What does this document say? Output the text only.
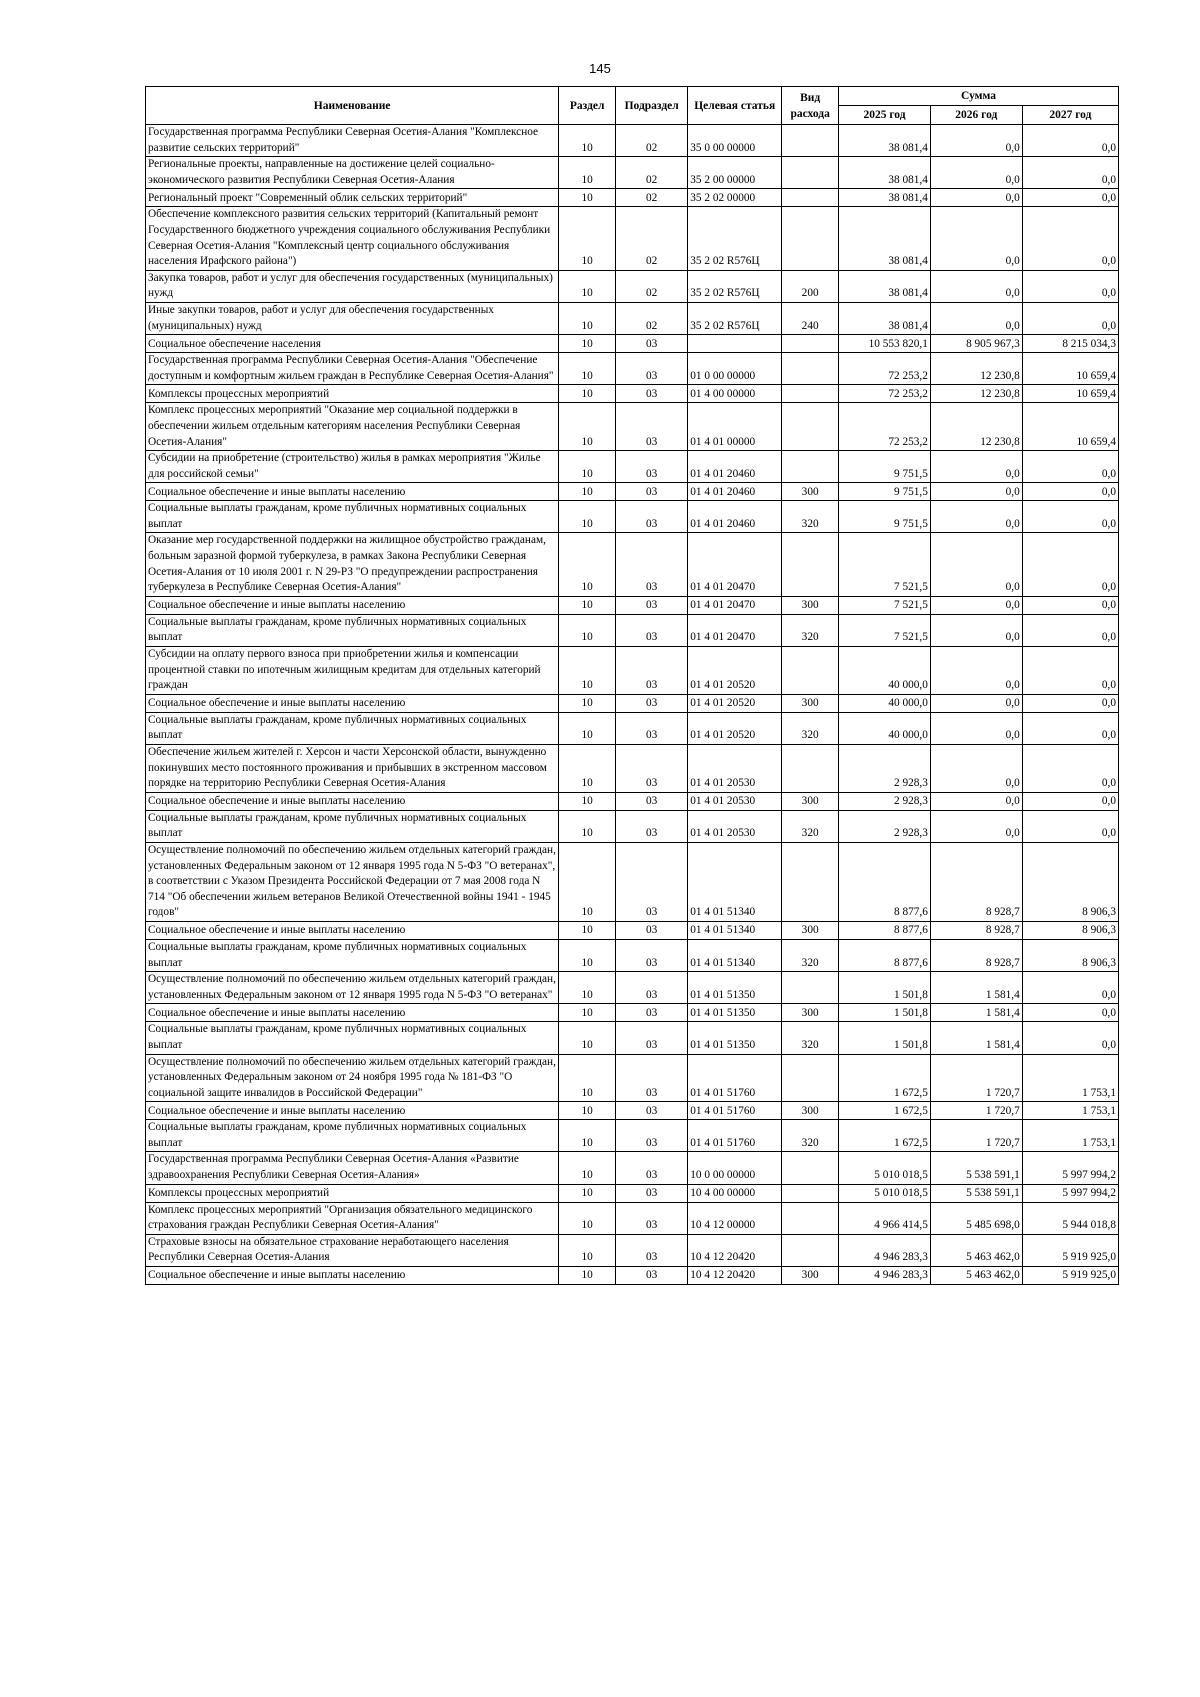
145
Наименование	Раздел	Подраздел	Целевая статья	Вид расхода	Сумма		
					2025 год	2026 год	2027 год
Государственная программа Республики Северная Осетия-Алания "Комплексное развитие сельских территорий"	10	02	35 0 00 00000		38 081,4	0,0	0,0
Региональные проекты, направленные на достижение целей социально-экономического развития Республики Северная Осетия-Алания	10	02	35 2 00 00000		38 081,4	0,0	0,0
Региональный проект "Современный облик сельских территорий"	10	02	35 2 02 00000		38 081,4	0,0	0,0
Обеспечение комплексного развития сельских территорий (Капитальный ремонт Государственного бюджетного учреждения социального обслуживания Республики Северная Осетия-Алания "Комплексный центр социального обслуживания населения Ирафского района")	10	02	35 2 02 R576Ц		38 081,4	0,0	0,0
Закупка товаров, работ и услуг для обеспечения государственных (муниципальных) нужд	10	02	35 2 02 R576Ц	200	38 081,4	0,0	0,0
Иные закупки товаров, работ и услуг для обеспечения государственных (муниципальных) нужд	10	02	35 2 02 R576Ц	240	38 081,4	0,0	0,0
Социальное обеспечение населения	10	03			10 553 820,1	8 905 967,3	8 215 034,3
Государственная программа Республики Северная Осетия-Алания "Обеспечение доступным и комфортным жильем граждан в Республике Северная Осетия-Алания"	10	03	01 0 00 00000		72 253,2	12 230,8	10 659,4
Комплексы процессных мероприятий	10	03	01 4 00 00000		72 253,2	12 230,8	10 659,4
Комплекс процессных мероприятий "Оказание мер социальной поддержки в обеспечении жильем отдельным категориям населения Республики Северная Осетия-Алания"	10	03	01 4 01 00000		72 253,2	12 230,8	10 659,4
Субсидии на приобретение (строительство) жилья в рамках мероприятия "Жилье для российской семьи"	10	03	01 4 01 20460		9 751,5	0,0	0,0
Социальное обеспечение и иные выплаты населению	10	03	01 4 01 20460	300	9 751,5	0,0	0,0
Социальные выплаты гражданам, кроме публичных нормативных социальных выплат	10	03	01 4 01 20460	320	9 751,5	0,0	0,0
Оказание мер государственной поддержки на жилищное обустройство гражданам, больным заразной формой туберкулеза, в рамках Закона Республики Северная Осетия-Алания от 10 июля 2001 г. N 29-РЗ "О предупреждении распространения туберкулеза в Республике Северная Осетия-Алания"	10	03	01 4 01 20470		7 521,5	0,0	0,0
Социальное обеспечение и иные выплаты населению	10	03	01 4 01 20470	300	7 521,5	0,0	0,0
Социальные выплаты гражданам, кроме публичных нормативных социальных выплат	10	03	01 4 01 20470	320	7 521,5	0,0	0,0
Субсидии на оплату первого взноса при приобретении жилья и компенсации процентной ставки по ипотечным жилищным кредитам для отдельных категорий граждан	10	03	01 4 01 20520		40 000,0	0,0	0,0
Социальное обеспечение и иные выплаты населению	10	03	01 4 01 20520	300	40 000,0	0,0	0,0
Социальные выплаты гражданам, кроме публичных нормативных социальных выплат	10	03	01 4 01 20520	320	40 000,0	0,0	0,0
Обеспечение жильем жителей г. Херсон и части Херсонской области, вынужденно покинувших место постоянного проживания и прибывших в экстренном массовом порядке на территорию Республики Северная Осетия-Алания	10	03	01 4 01 20530		2 928,3	0,0	0,0
Социальное обеспечение и иные выплаты населению	10	03	01 4 01 20530	300	2 928,3	0,0	0,0
Социальные выплаты гражданам, кроме публичных нормативных социальных выплат	10	03	01 4 01 20530	320	2 928,3	0,0	0,0
Осуществление полномочий по обеспечению жильем отдельных категорий граждан, установленных Федеральным законом от 12 января 1995 года N 5-ФЗ "О ветеранах", в соответствии с Указом Президента Российской Федерации от 7 мая 2008 года N 714 "Об обеспечении жильем ветеранов Великой Отечественной войны 1941 - 1945 годов"	10	03	01 4 01 51340		8 877,6	8 928,7	8 906,3
Социальное обеспечение и иные выплаты населению	10	03	01 4 01 51340	300	8 877,6	8 928,7	8 906,3
Социальные выплаты гражданам, кроме публичных нормативных социальных выплат	10	03	01 4 01 51340	320	8 877,6	8 928,7	8 906,3
Осуществление полномочий по обеспечению жильем отдельных категорий граждан, установленных Федеральным законом от 12 января 1995 года N 5-ФЗ "О ветеранах"	10	03	01 4 01 51350		1 501,8	1 581,4	0,0
Социальное обеспечение и иные выплаты населению	10	03	01 4 01 51350	300	1 501,8	1 581,4	0,0
Социальные выплаты гражданам, кроме публичных нормативных социальных выплат	10	03	01 4 01 51350	320	1 501,8	1 581,4	0,0
Осуществление полномочий по обеспечению жильем отдельных категорий граждан, установленных Федеральным законом от 24 ноября 1995 года № 181-ФЗ "О социальной защите инвалидов в Российской Федерации"	10	03	01 4 01 51760		1 672,5	1 720,7	1 753,1
Социальное обеспечение и иные выплаты населению	10	03	01 4 01 51760	300	1 672,5	1 720,7	1 753,1
Социальные выплаты гражданам, кроме публичных нормативных социальных выплат	10	03	01 4 01 51760	320	1 672,5	1 720,7	1 753,1
Государственная программа Республики Северная Осетия-Алания «Развитие здравоохранения Республики Северная Осетия-Алания»	10	03	10 0 00 00000		5 010 018,5	5 538 591,1	5 997 994,2
Комплексы процессных мероприятий	10	03	10 4 00 00000		5 010 018,5	5 538 591,1	5 997 994,2
Комплекс процессных мероприятий "Организация обязательного медицинского страхования граждан Республики Северная Осетия-Алания"	10	03	10 4 12 00000		4 966 414,5	5 485 698,0	5 944 018,8
Страховые взносы на обязательное страхование неработающего населения Республики Северная Осетия-Алания	10	03	10 4 12 20420		4 946 283,3	5 463 462,0	5 919 925,0
Социальное обеспечение и иные выплаты населению	10	03	10 4 12 20420	300	4 946 283,3	5 463 462,0	5 919 925,0
